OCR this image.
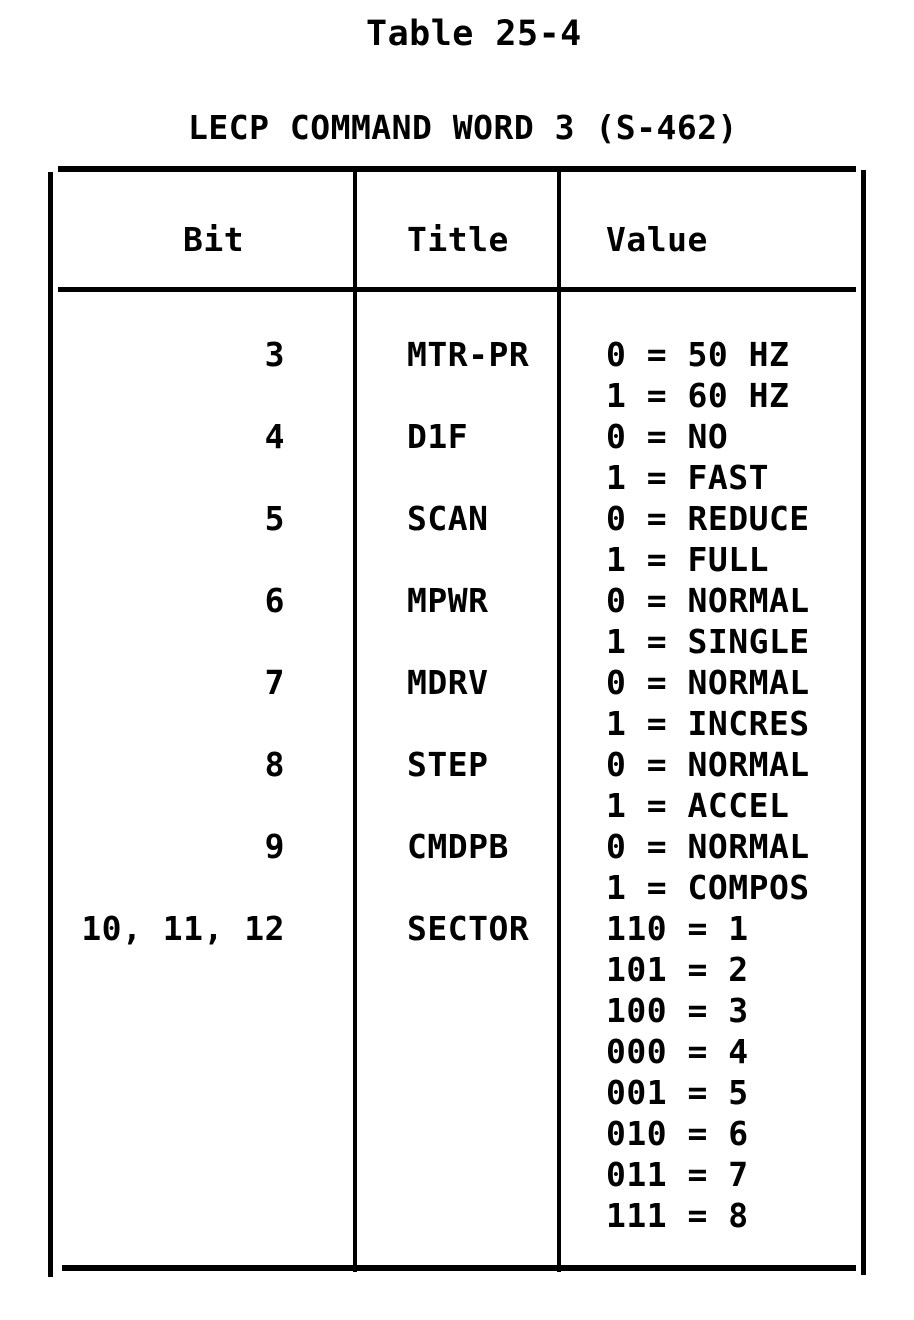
Table 25-4
LECP COMMAND WORD 3 (S-462)
Bit	Title	Value
3	MTR-PR 0 = 50 HZ
1 = 60 HZ
4	D1F	0 = NO
1 = FAST
5	SCAN	0 = REDUCE
1 = FULL
6	MPWR	0 = NORMAL
1 = SINGLE
7	MDRV	0 = NORMAL
1 = INCRES
8	STEP	0 = NORMAL
1 = ACCEL
9	CMDPB	0 = NORMAL
1 = COMPOS
10, 11, 12	SECTOR 110 = 1
101 = 2
100 = 3
000 = 4
001 = 5
010 = 6
011 = 7
111 = 8
